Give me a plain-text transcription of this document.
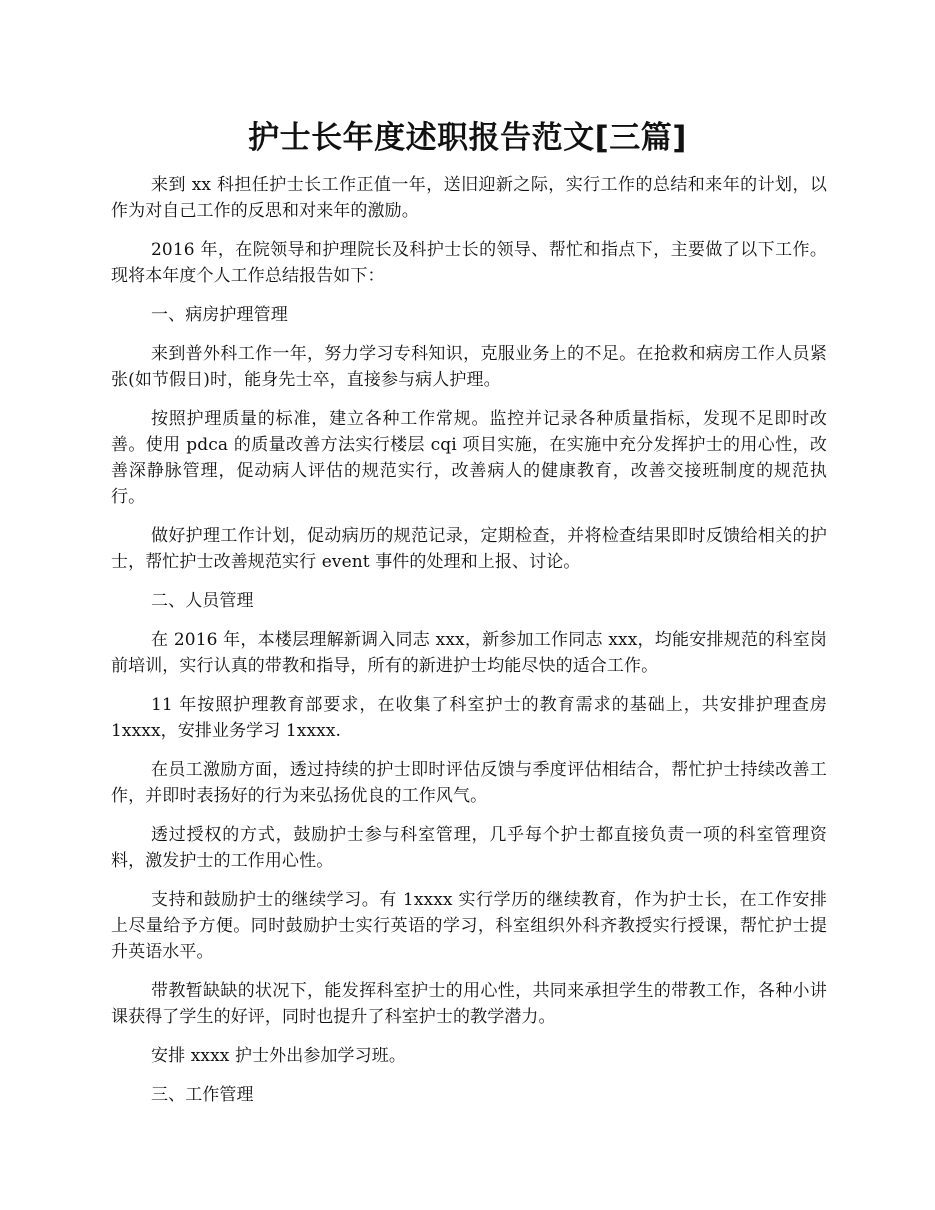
护士长年度述职报告范文[三篇]

来到 xx 科担任护士长工作正值一年，送旧迎新之际，实行工作的总结和来年的计划，以作为对自己工作的反思和对来年的激励。

2016 年，在院领导和护理院长及科护士长的领导、帮忙和指点下，主要做了以下工作。现将本年度个人工作总结报告如下：

一、病房护理管理

来到普外科工作一年，努力学习专科知识，克服业务上的不足。在抢救和病房工作人员紧张(如节假日)时，能身先士卒，直接参与病人护理。

按照护理质量的标准，建立各种工作常规。监控并记录各种质量指标，发现不足即时改善。使用 pdca 的质量改善方法实行楼层 cqi 项目实施，在实施中充分发挥护士的用心性，改善深静脉管理，促动病人评估的规范实行，改善病人的健康教育，改善交接班制度的规范执行。

做好护理工作计划，促动病历的规范记录，定期检查，并将检查结果即时反馈给相关的护士，帮忙护士改善规范实行 event 事件的处理和上报、讨论。

二、人员管理

在 2016 年，本楼层理解新调入同志 xxx，新参加工作同志 xxx，均能安排规范的科室岗前培训，实行认真的带教和指导，所有的新进护士均能尽快的适合工作。

11 年按照护理教育部要求，在收集了科室护士的教育需求的基础上，共安排护理查房 1xxxx，安排业务学习 1xxxx.

在员工激励方面，透过持续的护士即时评估反馈与季度评估相结合，帮忙护士持续改善工作，并即时表扬好的行为来弘扬优良的工作风气。

透过授权的方式，鼓励护士参与科室管理，几乎每个护士都直接负责一项的科室管理资料，激发护士的工作用心性。

支持和鼓励护士的继续学习。有 1xxxx 实行学历的继续教育，作为护士长，在工作安排上尽量给予方便。同时鼓励护士实行英语的学习，科室组织外科齐教授实行授课，帮忙护士提升英语水平。

带教暂缺缺的状况下，能发挥科室护士的用心性，共同来承担学生的带教工作，各种小讲课获得了学生的好评，同时也提升了科室护士的教学潜力。

安排 xxxx 护士外出参加学习班。

三、工作管理
